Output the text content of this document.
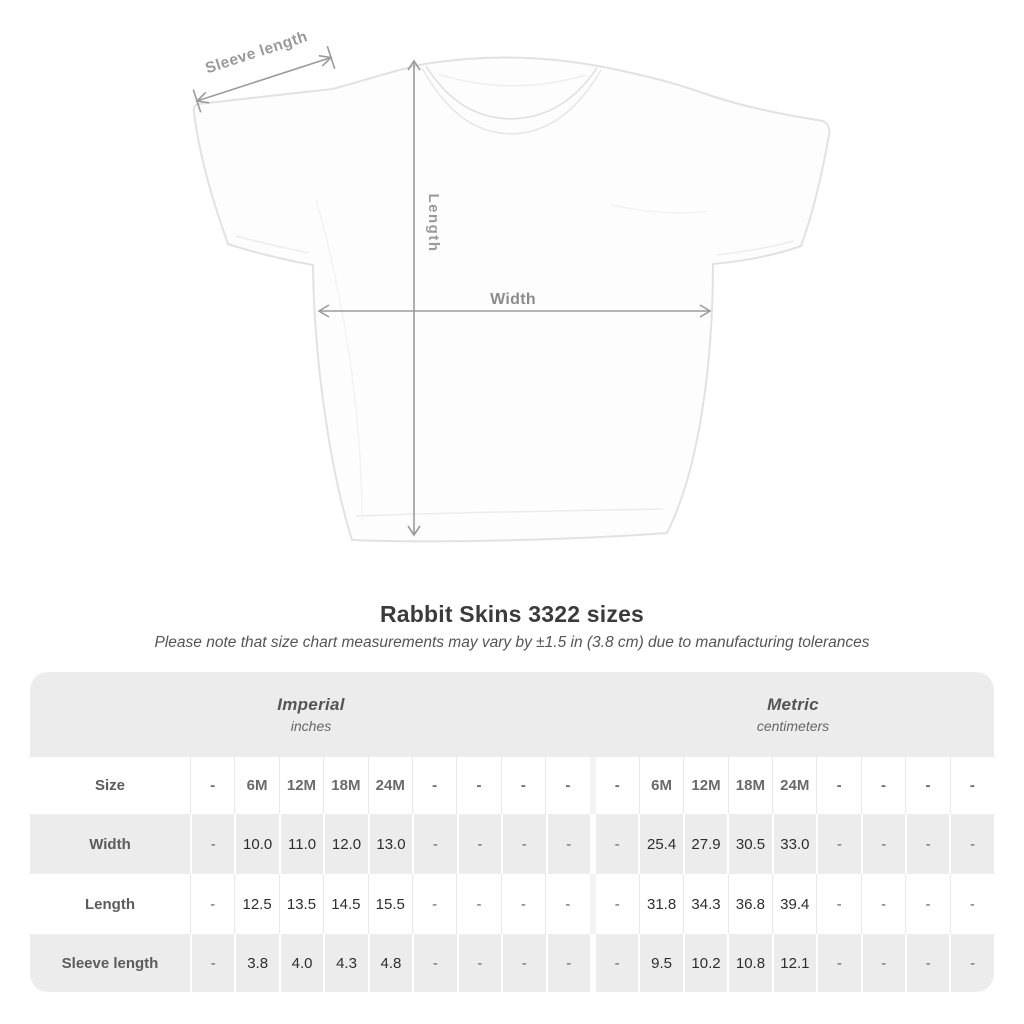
Sleeve length
Length
Width
Rabbit Skins 3322 sizes
Please note that size chart measurements may vary by ±1.5 in (3.8 cm) due to manufacturing tolerances
Imperial
inches
Metric
centimeters
Size	-	6M	12M	18M	24M	-	-	-	-	-	6M	12M	18M	24M	-	-	-	-
Width	-	10.0	11.0	12.0	13.0	-	-	-	-	-	25.4	27.9	30.5	33.0	-	-	-	-
Length	-	12.5	13.5	14.5	15.5	-	-	-	-	-	31.8	34.3	36.8	39.4	-	-	-	-
Sleeve length	-	3.8	4.0	4.3	4.8	-	-	-	-	-	9.5	10.2	10.8	12.1	-	-	-	-
